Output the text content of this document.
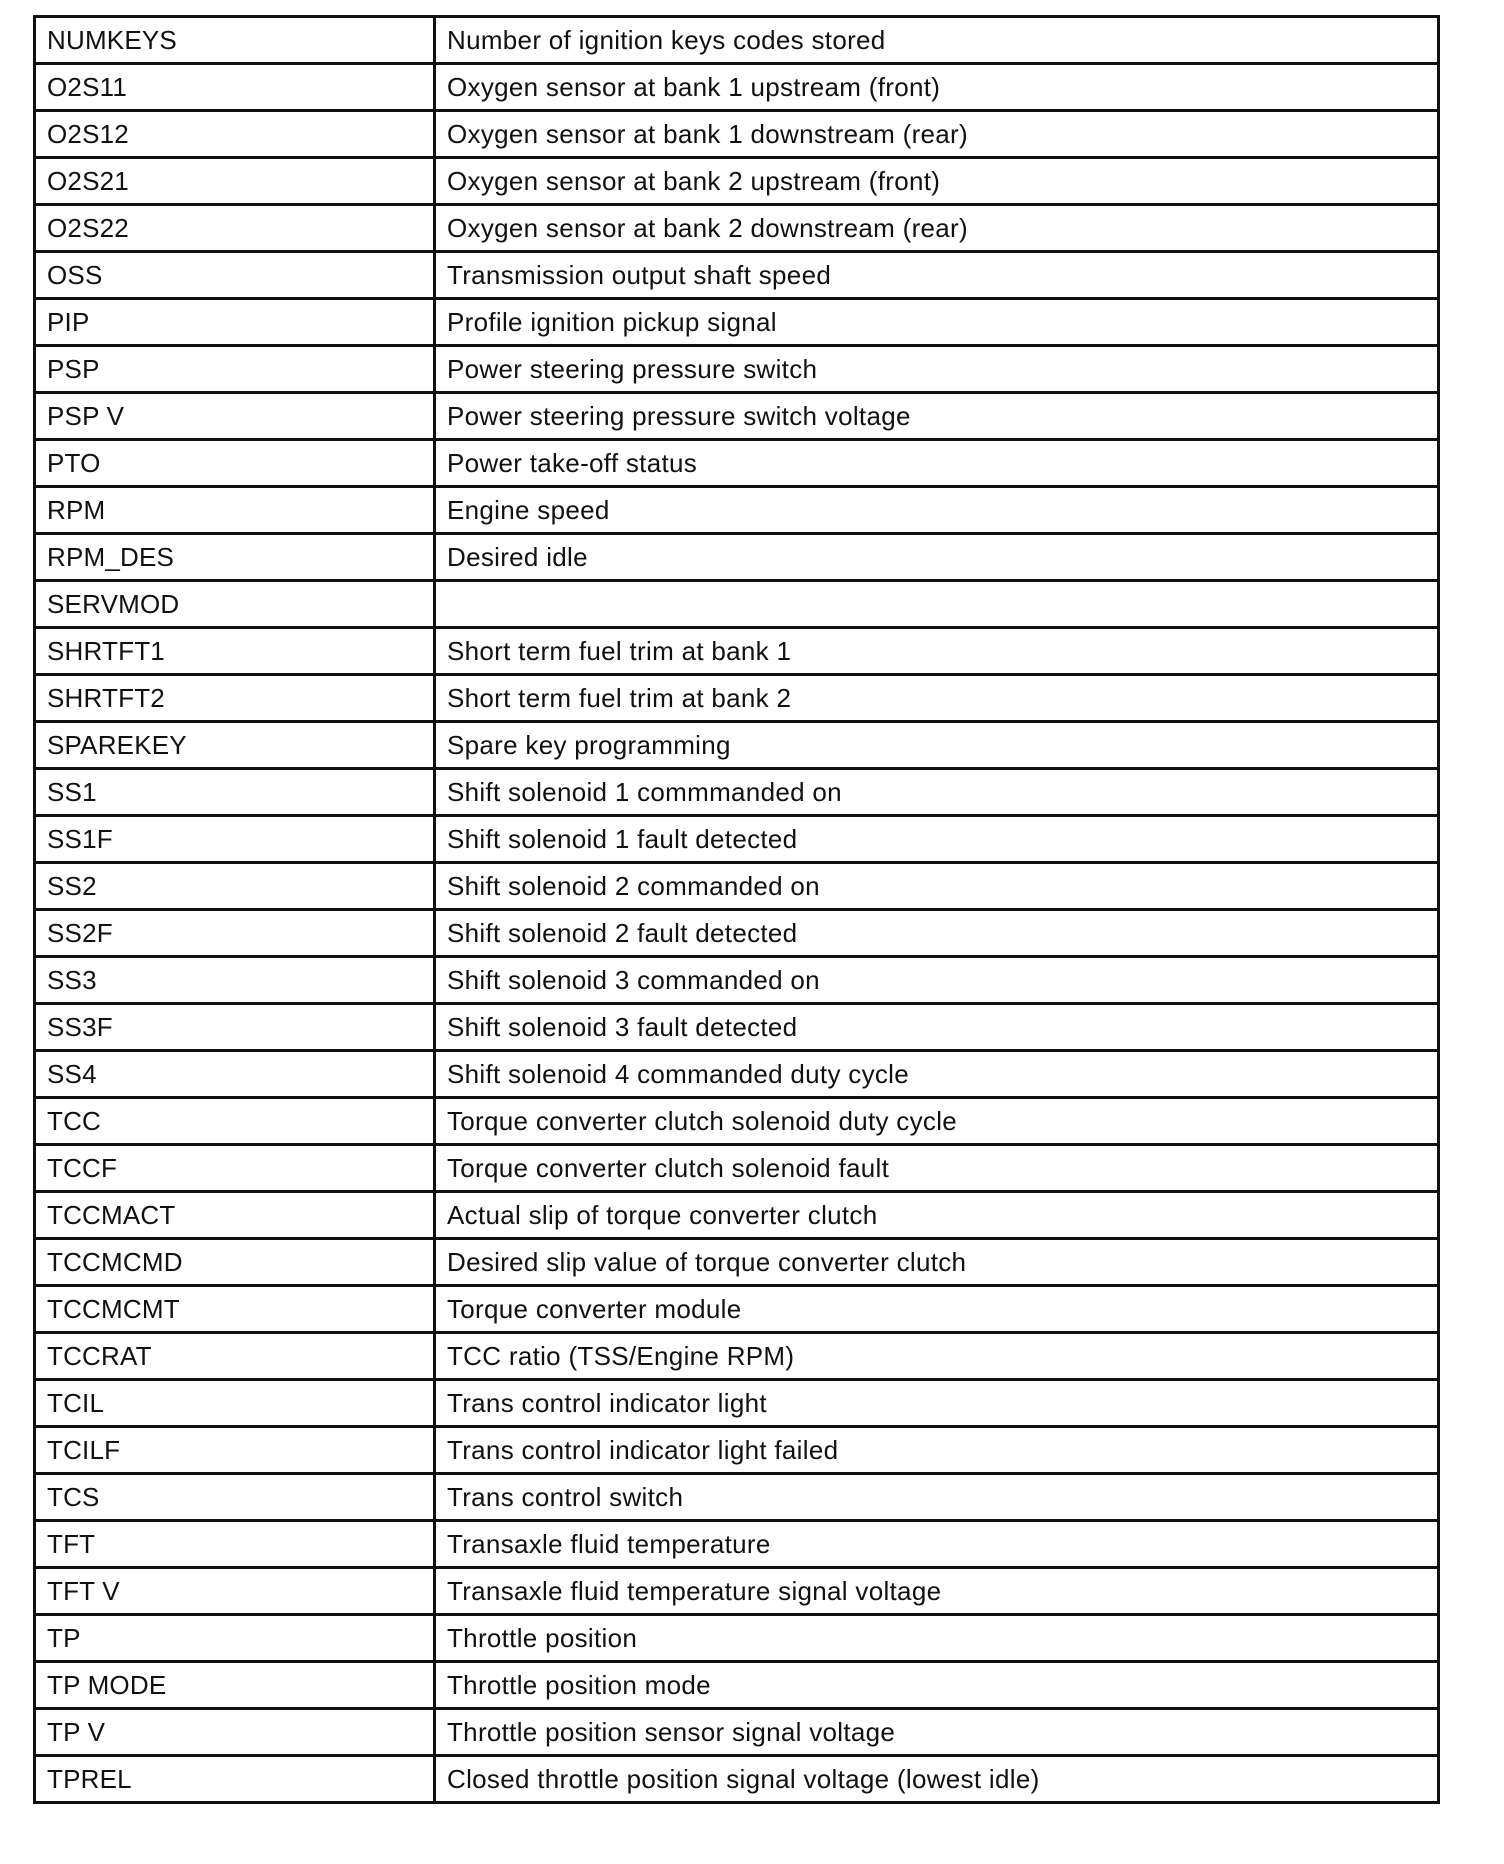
NUMKEYS	Number of ignition keys codes stored
O2S11	Oxygen sensor at bank 1 upstream (front)
O2S12	Oxygen sensor at bank 1 downstream (rear)
O2S21	Oxygen sensor at bank 2 upstream (front)
O2S22	Oxygen sensor at bank 2 downstream (rear)
OSS	Transmission output shaft speed
PIP	Profile ignition pickup signal
PSP	Power steering pressure switch
PSP V	Power steering pressure switch voltage
PTO	Power take-off status
RPM	Engine speed
RPM_DES	Desired idle
SERVMOD	
SHRTFT1	Short term fuel trim at bank 1
SHRTFT2	Short term fuel trim at bank 2
SPAREKEY	Spare key programming
SS1	Shift solenoid 1 commmanded on
SS1F	Shift solenoid 1 fault detected
SS2	Shift solenoid 2 commanded on
SS2F	Shift solenoid 2 fault detected
SS3	Shift solenoid 3 commanded on
SS3F	Shift solenoid 3 fault detected
SS4	Shift solenoid 4 commanded duty cycle
TCC	Torque converter clutch solenoid duty cycle
TCCF	Torque converter clutch solenoid fault
TCCMACT	Actual slip of torque converter clutch
TCCMCMD	Desired slip value of torque converter clutch
TCCMCMT	Torque converter module
TCCRAT	TCC ratio (TSS/Engine RPM)
TCIL	Trans control indicator light
TCILF	Trans control indicator light failed
TCS	Trans control switch
TFT	Transaxle fluid temperature
TFT V	Transaxle fluid temperature signal voltage
TP	Throttle position
TP MODE	Throttle position mode
TP V	Throttle position sensor signal voltage
TPREL	Closed throttle position signal voltage (lowest idle)
